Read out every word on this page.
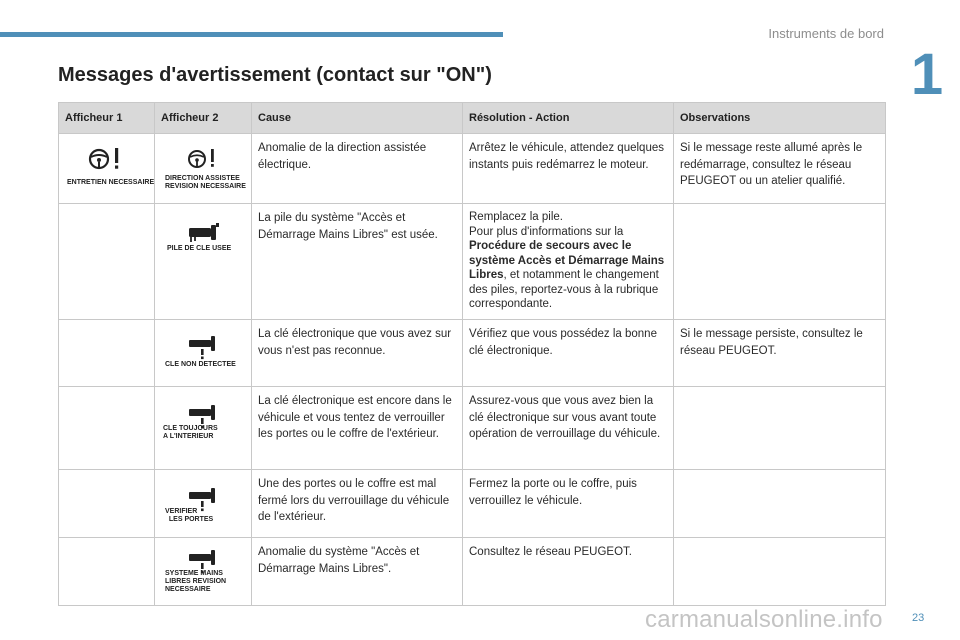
Instruments de bord
1
Messages d'avertissement (contact sur "ON")
Afficheur 1	Afficheur 2	Cause	Résolution - Action	Observations

ENTRETIEN NECESSAIRE	DIRECTION ASSISTEE
REVISION NECESSAIRE	Anomalie de la direction assistée électrique.	Arrêtez le véhicule, attendez quelques instants puis redémarrez le moteur.	Si le message reste allumé après le redémarrage, consultez le réseau PEUGEOT ou un atelier qualifié.

	PILE DE CLE USEE	La pile du système "Accès et Démarrage Mains Libres" est usée.	Remplacez la pile.
Pour plus d'informations sur la
Procédure de secours avec le système Accès et Démarrage Mains Libres, et notamment le changement des piles, reportez-vous à la rubrique correspondante.	

	CLE NON DETECTEE	La clé électronique que vous avez sur vous n'est pas reconnue.	Vérifiez que vous possédez la bonne clé électronique.	Si le message persiste, consultez le réseau PEUGEOT.

	CLE TOUJOURS
A L'INTERIEUR	La clé électronique est encore dans le véhicule et vous tentez de verrouiller les portes ou le coffre de l'extérieur.	Assurez-vous que vous avez bien la clé électronique sur vous avant toute opération de verrouillage du véhicule.	

	VERIFIER
LES PORTES	Une des portes ou le coffre est mal fermé lors du verrouillage du véhicule de l'extérieur.	Fermez la porte ou le coffre, puis verrouillez le véhicule.	

	SYSTEME MAINS
LIBRES REVISION
NECESSAIRE	Anomalie du système "Accès et Démarrage Mains Libres".	Consultez le réseau PEUGEOT.	
carmanualsonline.info	23
